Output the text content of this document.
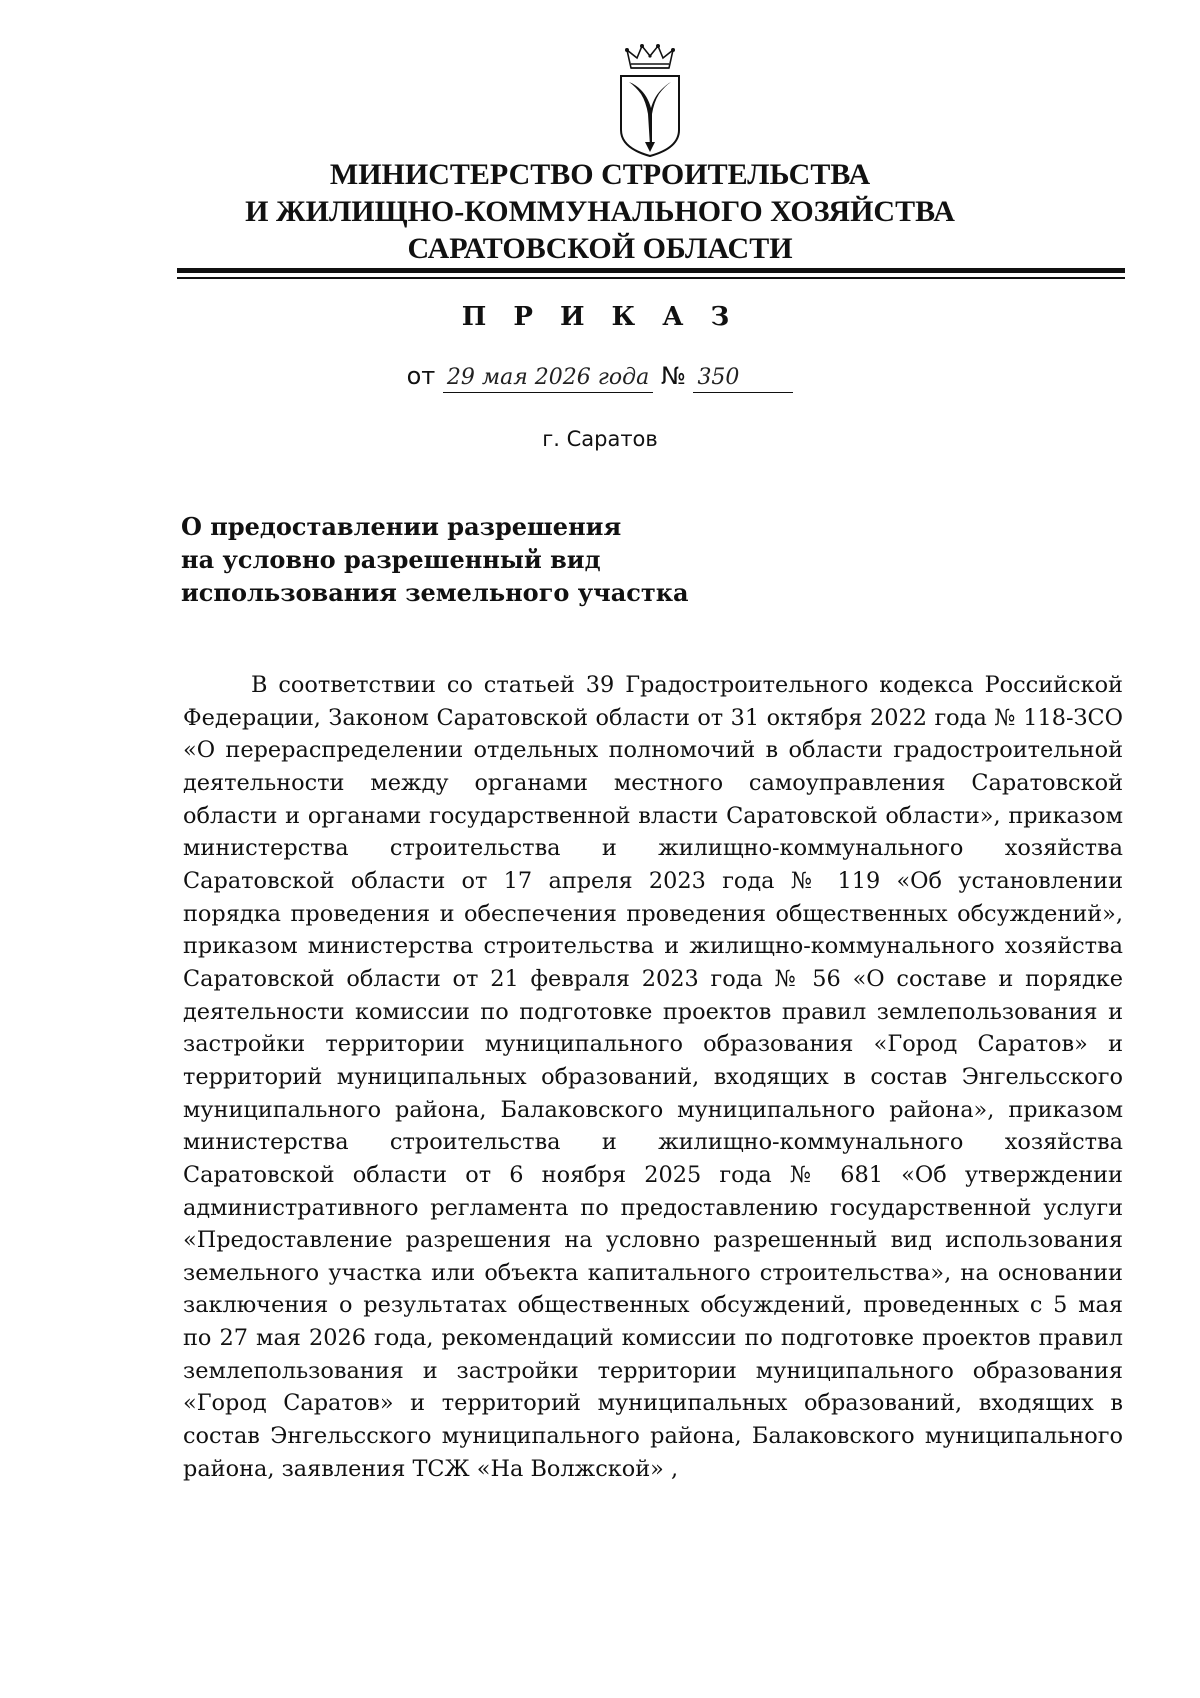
МИНИСТЕРСТВО СТРОИТЕЛЬСТВА
И ЖИЛИЩНО-КОММУНАЛЬНОГО ХОЗЯЙСТВА
САРАТОВСКОЙ ОБЛАСТИ
П Р И К А З
от 29 мая 2026 года № 350
г. Саратов
О предоставлении разрешения
на условно разрешенный вид
использования земельного участка

В соответствии со статьей 39 Градостроительного кодекса Российской Федерации, Законом Саратовской области от 31 октября 2022 года № 118-ЗСО «О перераспределении отдельных полномочий в области градостроительной деятельности между органами местного самоуправления Саратовской области и органами государственной власти Саратовской области», приказом министерства строительства и жилищно-коммунального хозяйства Саратовской области от 17 апреля 2023 года № 119 «Об установлении порядка проведения и обеспечения проведения общественных обсуждений», приказом министерства строительства и жилищно-коммунального хозяйства Саратовской области от 21 февраля 2023 года № 56 «О составе и порядке деятельности комиссии по подготовке проектов правил землепользования и застройки территории муниципального образования «Город Саратов» и территорий муниципальных образований, входящих в состав Энгельсского муниципального района, Балаковского муниципального района», приказом министерства строительства и жилищно-коммунального хозяйства Саратовской области от 6 ноября 2025 года № 681 «Об утверждении административного регламента по предоставлению государственной услуги «Предоставление разрешения на условно разрешенный вид использования земельного участка или объекта капитального строительства», на основании заключения о результатах общественных обсуждений, проведенных с 5 мая по 27 мая 2026 года, рекомендаций комиссии по подготовке проектов правил землепользования и застройки территории муниципального образования «Город Саратов» и территорий муниципальных образований, входящих в состав Энгельсского муниципального района, Балаковского муниципального района, заявления ТСЖ «На Волжской» ,
